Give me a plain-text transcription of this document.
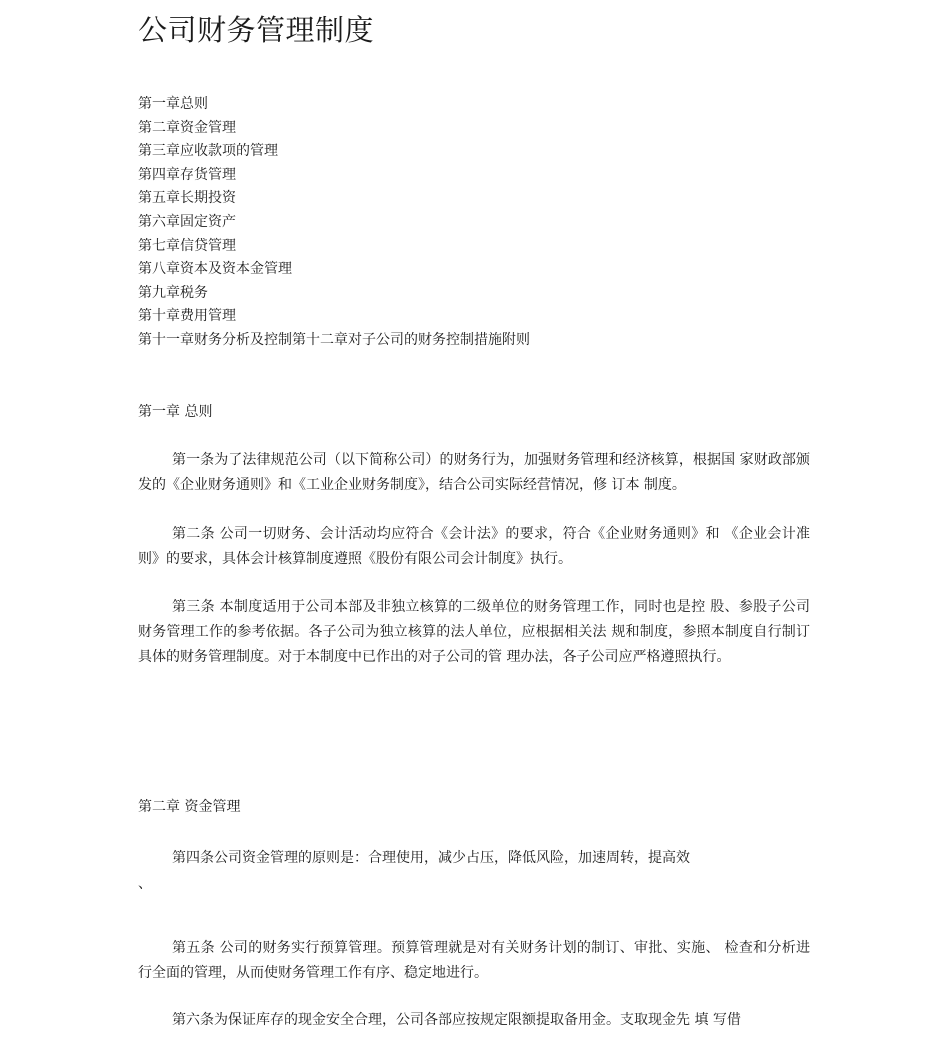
公司财务管理制度
第一章总则
第二章资金管理
第三章应收款项的管理
第四章存货管理
第五章长期投资
第六章固定资产
第七章信贷管理
第八章资本及资本金管理
第九章税务
第十章费用管理
第十一章财务分析及控制第十二章对子公司的财务控制措施附则
第一章 总则

第一条为了法律规范公司（以下简称公司）的财务行为，加强财务管理和经济核算，根据国 家财政部颁发的《企业财务通则》和《工业企业财务制度》，结合公司实际经营情况，修 订本 制度。

第二条 公司一切财务、会计活动均应符合《会计法》的要求，符合《企业财务通则》和 《企业会计准则》的要求，具体会计核算制度遵照《股份有限公司会计制度》执行。

第三条 本制度适用于公司本部及非独立核算的二级单位的财务管理工作，同时也是控 股、参股子公司财务管理工作的参考依据。各子公司为独立核算的法人单位，应根据相关法 规和制度，参照本制度自行制订具体的财务管理制度。对于本制度中已作出的对子公司的管 理办法，各子公司应严格遵照执行。

第二章 资金管理

第四条公司资金管理的原则是：合理使用，减少占压，降低风险，加速周转，提高效

、

第五条 公司的财务实行预算管理。预算管理就是对有关财务计划的制订、审批、实施、 检查和分析进行全面的管理，从而使财务管理工作有序、稳定地进行。

第六条为保证库存的现金安全合理，公司各部应按规定限额提取备用金。支取现金先 填 写借
